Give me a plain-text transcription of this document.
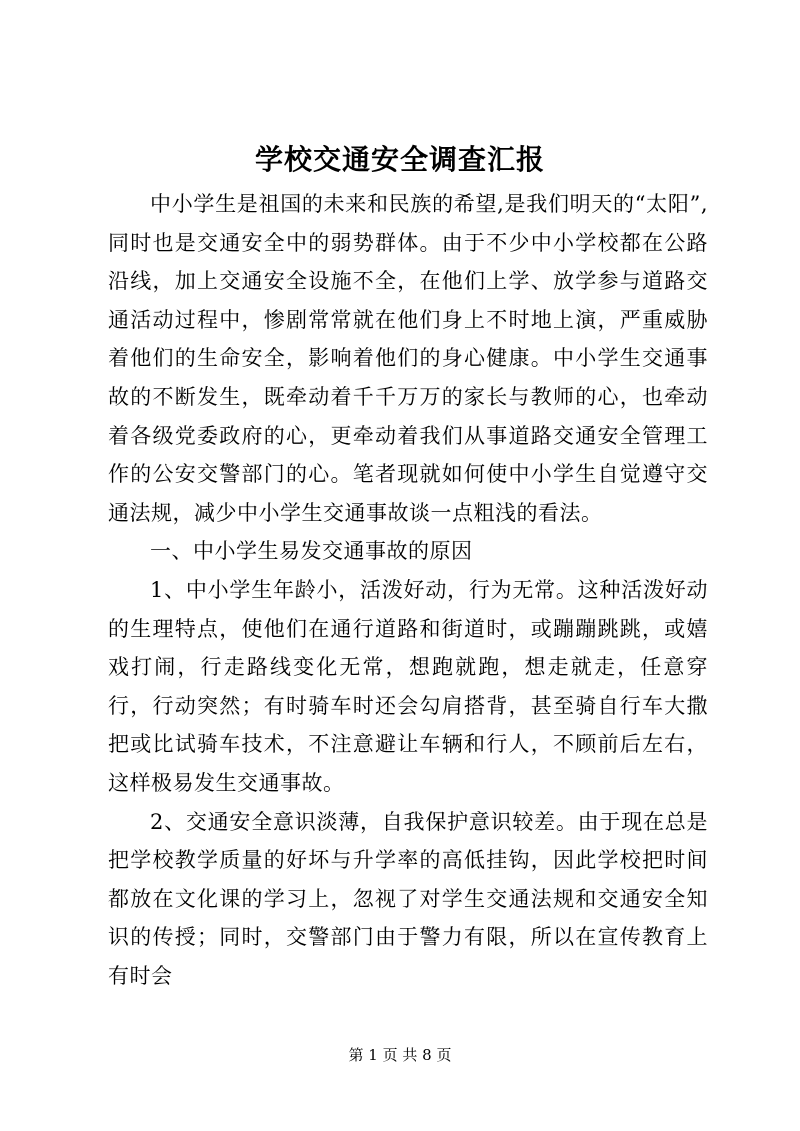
学校交通安全调查汇报

中小学生是祖国的未来和民族的希望,是我们明天的“太阳”,同时也是交通安全中的弱势群体。由于不少中小学校都在公路沿线，加上交通安全设施不全，在他们上学、放学参与道路交通活动过程中，惨剧常常就在他们身上不时地上演，严重威胁着他们的生命安全，影响着他们的身心健康。中小学生交通事故的不断发生，既牵动着千千万万的家长与教师的心，也牵动着各级党委政府的心，更牵动着我们从事道路交通安全管理工作的公安交警部门的心。笔者现就如何使中小学生自觉遵守交通法规，减少中小学生交通事故谈一点粗浅的看法。

一、中小学生易发交通事故的原因

1、中小学生年龄小，活泼好动，行为无常。这种活泼好动的生理特点，使他们在通行道路和街道时，或蹦蹦跳跳，或嬉戏打闹，行走路线变化无常，想跑就跑，想走就走，任意穿行，行动突然；有时骑车时还会勾肩搭背，甚至骑自行车大撒把或比试骑车技术，不注意避让车辆和行人，不顾前后左右，这样极易发生交通事故。

2、交通安全意识淡薄，自我保护意识较差。由于现在总是把学校教学质量的好坏与升学率的高低挂钩，因此学校把时间都放在文化课的学习上，忽视了对学生交通法规和交通安全知识的传授；同时，交警部门由于警力有限，所以在宣传教育上有时会

第 1 页 共 8 页
